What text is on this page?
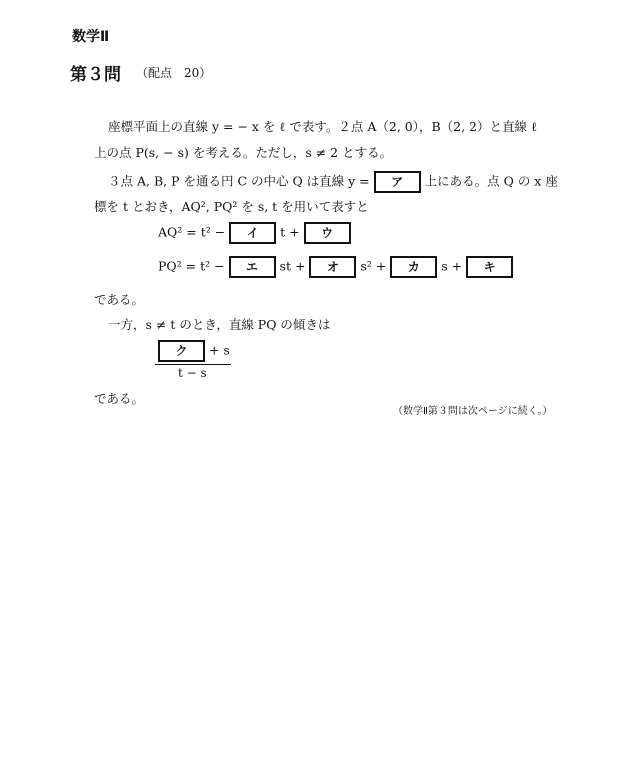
数学Ⅱ
第３問 （配点　20）
座標平面上の直線 y = − x を ℓ で表す。２点 A（2, 0），B（2, 2）と直線 ℓ
上の点 P(s, − s) を考える。ただし，s ≠ 2 とする。
３点 A, B, P を通る円 C の中心 Q は直線 y = ア 上にある。点 Q の x 座
標を t とおき，AQ², PQ² を s, t を用いて表すと
AQ² = t² − イ t + ウ
PQ² = t² − エ st + オ s² + カ s + キ
である。
一方，s ≠ t のとき，直線 PQ の傾きは
ク + s
t − s
である。
（数学Ⅱ第３問は次ページに続く。）
